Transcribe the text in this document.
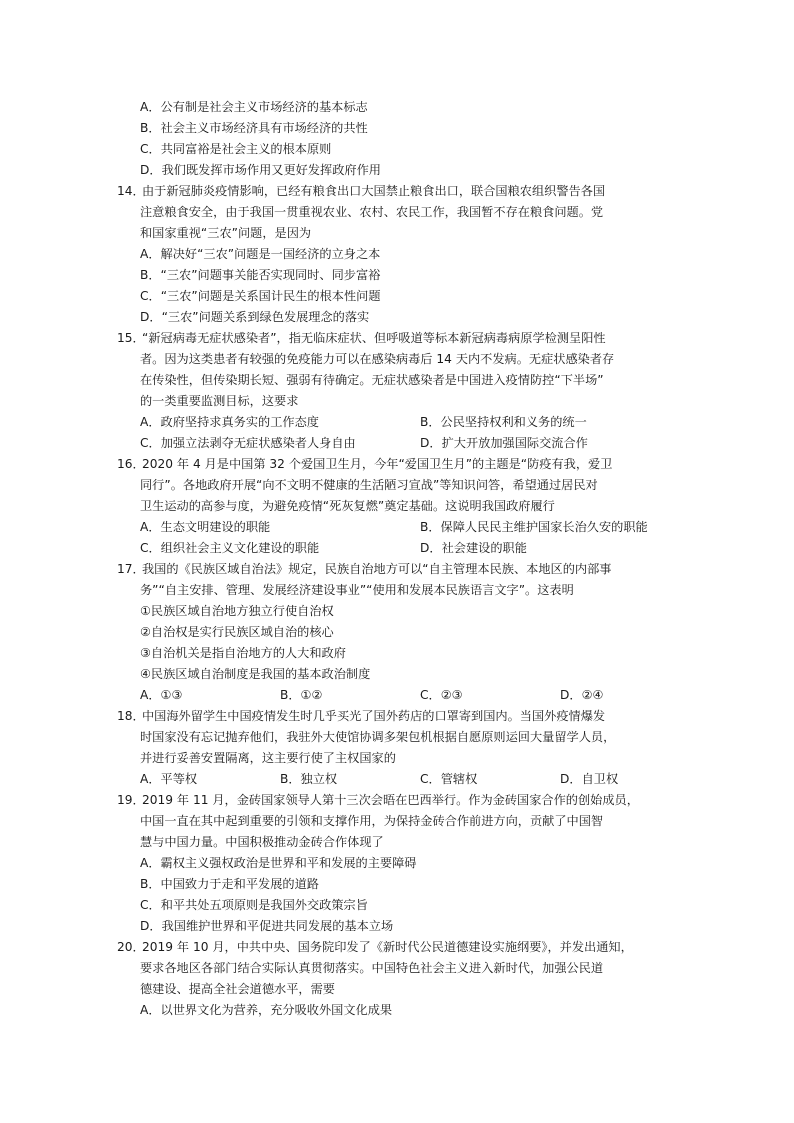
A．公有制是社会主义市场经济的基本标志
B．社会主义市场经济具有市场经济的共性
C．共同富裕是社会主义的根本原则
D．我们既发挥市场作用又更好发挥政府作用
14．
由于新冠肺炎疫情影响，已经有粮食出口大国禁止粮食出口，联合国粮农组织警告各国
注意粮食安全，由于我国一贯重视农业、农村、农民工作，我国暂不存在粮食问题。党
和国家重视“三农”问题，是因为
A．解决好“三农”问题是一国经济的立身之本
B．“三农”问题事关能否实现同时、同步富裕
C．“三农”问题是关系国计民生的根本性问题
D．“三农”问题关系到绿色发展理念的落实
15．
“新冠病毒无症状感染者”，指无临床症状、但呼吸道等标本新冠病毒病原学检测呈阳性
者。因为这类患者有较强的免疫能力可以在感染病毒后 14 天内不发病。无症状感染者存
在传染性，但传染期长短、强弱有待确定。无症状感染者是中国进入疫情防控“下半场”
的一类重要监测目标，这要求
A．政府坚持求真务实的工作态度	B．公民坚持权利和义务的统一
C．加强立法剥夺无症状感染者人身自由	D．扩大开放加强国际交流合作
16．
2020 年 4 月是中国第 32 个爱国卫生月，今年“爱国卫生月”的主题是“防疫有我，爱卫
同行”。各地政府开展“向不文明不健康的生活陋习宣战”等知识问答，希望通过居民对
卫生运动的高参与度，为避免疫情“死灰复燃”奠定基础。这说明我国政府履行
A．生态文明建设的职能	B．保障人民民主维护国家长治久安的职能
C．组织社会主义文化建设的职能	D．社会建设的职能
17．
我国的《民族区域自治法》规定，民族自治地方可以“自主管理本民族、本地区的内部事
务”“自主安排、管理、发展经济建设事业”“使用和发展本民族语言文字”。这表明
①民族区域自治地方独立行使自治权
②自治权是实行民族区域自治的核心
③自治机关是指自治地方的人大和政府
④民族区域自治制度是我国的基本政治制度
A．①③	B．①②	C．②③	D．②④
18．
中国海外留学生中国疫情发生时几乎买光了国外药店的口罩寄到国内。当国外疫情爆发
时国家没有忘记抛弃他们，我驻外大使馆协调多架包机根据自愿原则运回大量留学人员，
并进行妥善安置隔离，这主要行使了主权国家的
A．平等权	B．独立权	C．管辖权	D．自卫权
19．
2019 年 11 月，金砖国家领导人第十三次会晤在巴西举行。作为金砖国家合作的创始成员，
中国一直在其中起到重要的引领和支撑作用，为保持金砖合作前进方向，贡献了中国智
慧与中国力量。中国积极推动金砖合作体现了
A．霸权主义强权政治是世界和平和发展的主要障碍
B．中国致力于走和平发展的道路
C．和平共处五项原则是我国外交政策宗旨
D．我国维护世界和平促进共同发展的基本立场
20．
2019 年 10 月，中共中央、国务院印发了《新时代公民道德建设实施纲要》，并发出通知，
要求各地区各部门结合实际认真贯彻落实。中国特色社会主义进入新时代，加强公民道
德建设、提高全社会道德水平，需要
A．以世界文化为营养，充分吸收外国文化成果
